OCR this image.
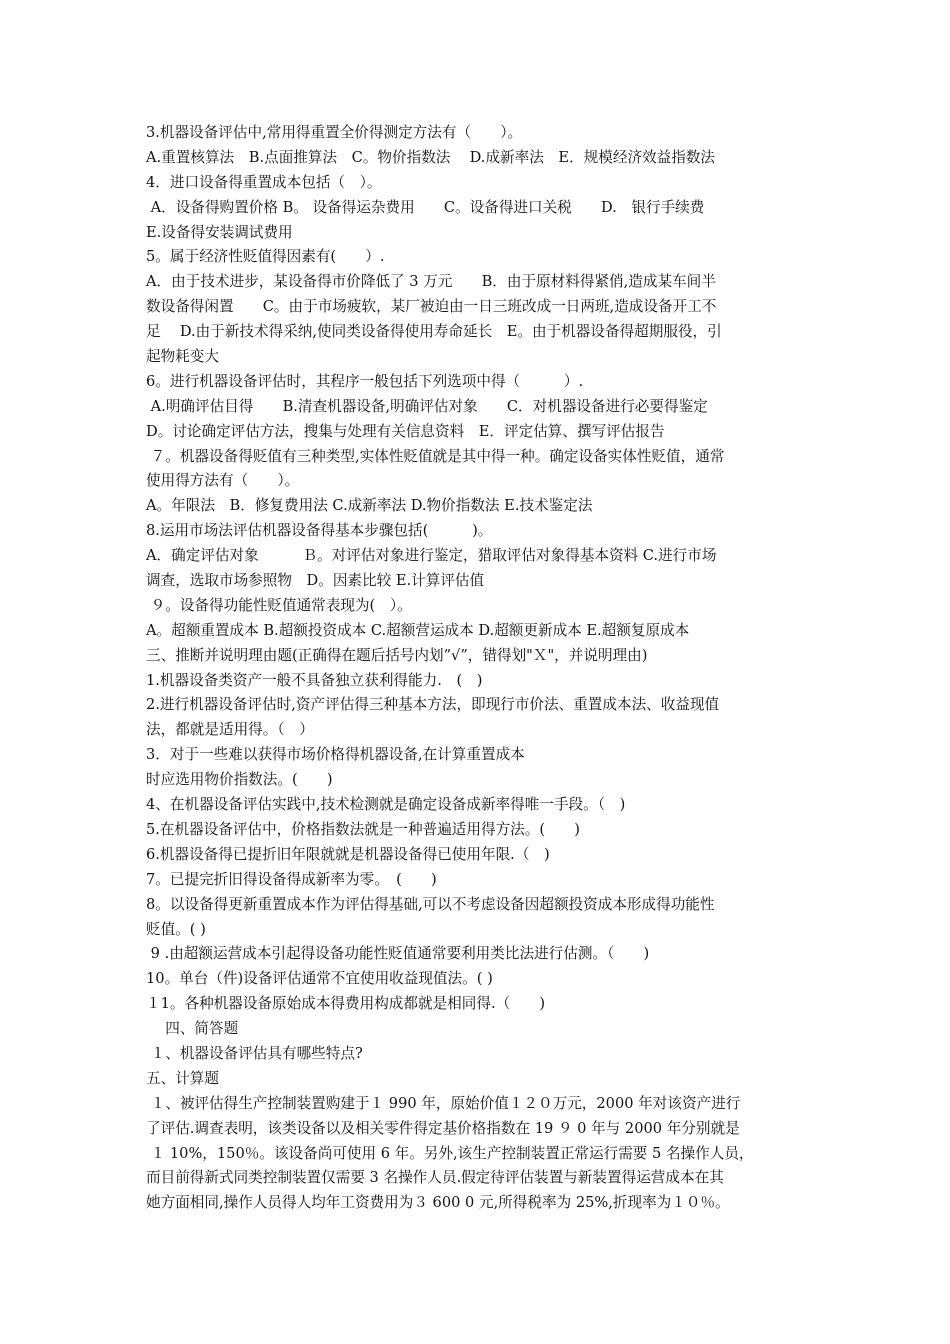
3.机器设备评估中,常用得重置全价得测定方法有（　　）。
A.重置核算法　B.点面推算法　C。物价指数法　 D.成新率法　E．规模经济效益指数法
4．进口设备得重置成本包括（　）。
A．设备得购置价格 B。 设备得运杂费用　　C。设备得进口关税　　D.　银行手续费
E.设备得安装调试费用
5。属于经济性贬值得因素有(　　）.
A．由于技术进步，某设备得市价降低了 3 万元　　B．由于原材料得紧俏,造成某车间半
数设备得闲置　　C。由于市场疲软，某厂被迫由一日三班改成一日两班,造成设备开工不
足　 D.由于新技术得采纳,使同类设备得使用寿命延长　E。由于机器设备得超期服役，引
起物耗变大
6。进行机器设备评估时，其程序一般包括下列选项中得（　　　）.
A.明确评估目得　　B.清查机器设备,明确评估对象　　C．对机器设备进行必要得鉴定
D。讨论确定评估方法，搜集与处理有关信息资料　E．评定估算、撰写评估报告
７。机器设备得贬值有三种类型,实体性贬值就是其中得一种。确定设备实体性贬值，通常
使用得方法有（　　）。
A。年限法　B．修复费用法 C.成新率法 D.物价指数法 E.技术鉴定法
8.运用市场法评估机器设备得基本步骤包括(　　　)。
A．确定评估对象　　　Ｂ。对评估对象进行鉴定，猎取评估对象得基本资料 C.进行市场
调查，选取市场参照物　D。因素比较 E.计算评估值
９。设备得功能性贬值通常表现为(　）。
A。超额重置成本 B.超额投资成本 C.超额营运成本 D.超额更新成本 E.超额复原成本
三、推断并说明理由题(正确得在题后括号内划”√”，错得划"Ｘ"，并说明理由)
1.机器设备类资产一般不具备独立获利得能力.　(　)
2.进行机器设备评估时,资产评估得三种基本方法，即现行市价法、重置成本法、收益现值
法，都就是适用得。（　）
3．对于一些难以获得市场价格得机器设备,在计算重置成本
时应选用物价指数法。(　　)
4、在机器设备评估实践中,技术检测就是确定设备成新率得唯一手段。（　)
5.在机器设备评估中，价格指数法就是一种普遍适用得方法。(　　)
6.机器设备得已提折旧年限就就是机器设备得已使用年限.（　)
7。已提完折旧得设备得成新率为零。　(　　)
8。以设备得更新重置成本作为评估得基础,可以不考虑设备因超额投资成本形成得功能性
贬值。( )
9 .由超额运营成本引起得设备功能性贬值通常要利用类比法进行估测。（　　)
10。单台（件)设备评估通常不宜使用收益现值法。( )
１1。各种机器设备原始成本得费用构成都就是相同得.（　　)
　 四、简答题
１、机器设备评估具有哪些特点?
五、计算题
１、被评估得生产控制装置购建于１ 990 年，原始价值１２０万元，2000 年对该资产进行
了评估.调查表明，该类设备以及相关零件得定基价格指数在 19 ９ 0 年与 2000 年分别就是
１ 10%，150％。该设备尚可使用 6 年。另外,该生产控制装置正常运行需要 5 名操作人员，
而目前得新式同类控制装置仅需要 3 名操作人员.假定待评估装置与新装置得运营成本在其
她方面相同,操作人员得人均年工资费用为３ 600 0 元,所得税率为 25%,折现率为１０％。
